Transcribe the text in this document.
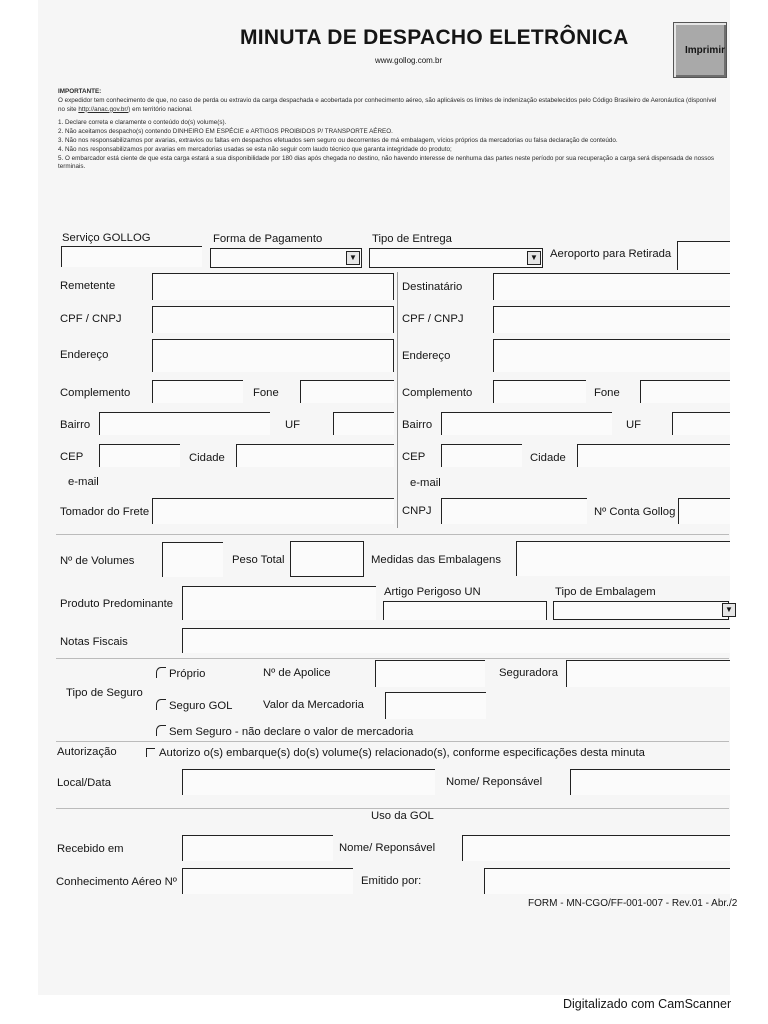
MINUTA DE DESPACHO ELETRÔNICA
www.gollog.com.br
Imprimir

IMPORTANTE:

O expedidor tem conhecimento de que, no caso de perda ou extravio da carga despachada e acobertada por conhecimento aéreo, são aplicáveis os limites de indenização estabelecidos pelo Código Brasileiro de Aeronáutica (disponível no site http://anac.gov.br/) em território nacional.

1. Declare correta e claramente o conteúdo do(s) volume(s).

2. Não aceitamos despacho(s) contendo DINHEIRO EM ESPÉCIE e ARTIGOS PROIBIDOS P/ TRANSPORTE AÉREO.

3. Não nos responsabilizamos por avarias, extravios ou faltas em despachos efetuados sem seguro ou decorrentes de má embalagem, vícios próprios da mercadorias ou falsa declaração de conteúdo.

4. Não nos responsabilizamos por avarias em mercadorias usadas se esta não seguir com laudo técnico que garanta integridade do produto;

5. O embarcador está ciente de que esta carga estará a sua disponibilidade por 180 dias após chegada no destino, não havendo interesse de nenhuma das partes neste período por sua recuperação a carga será dispensada de nossos terminais.

Serviço GOLLOG	Forma de Pagamento
▼
Tipo de Entrega
▼ Aeroporto para Retirada
Remetente
CPF / CNPJ
Endereço
Complemento	Fone
Bairro	UF
CEP	Cidade
e-mail
Destinatário
CPF / CNPJ
Endereço
Complemento	Fone
Bairro	UF
CEP	Cidade
e-mail
Tomador do Frete	CNPJ	Nº Conta Gollog
Nº de Volumes	Peso Total	Medidas das Embalagens
Artigo Perigoso UN	Tipo de Embalagem
Produto Predominante	▼
Notas Fiscais
Tipo de Seguro
Próprio	Nº de Apolice	Seguradora
Seguro GOL	Valor da Mercadoria
Sem Seguro - não declare o valor de mercadoria
Autorização	Autorizo o(s) embarque(s) do(s) volume(s) relacionado(s), conforme especificações desta minuta
Local/Data	Nome/ Reponsável
Uso da GOL
Recebido em	Nome/ Reponsável
Conhecimento Aéreo Nº	Emitido por:
FORM - MN-CGO/FF-001-007 - Rev.01 - Abr./2
Digitalizado com CamScanner
